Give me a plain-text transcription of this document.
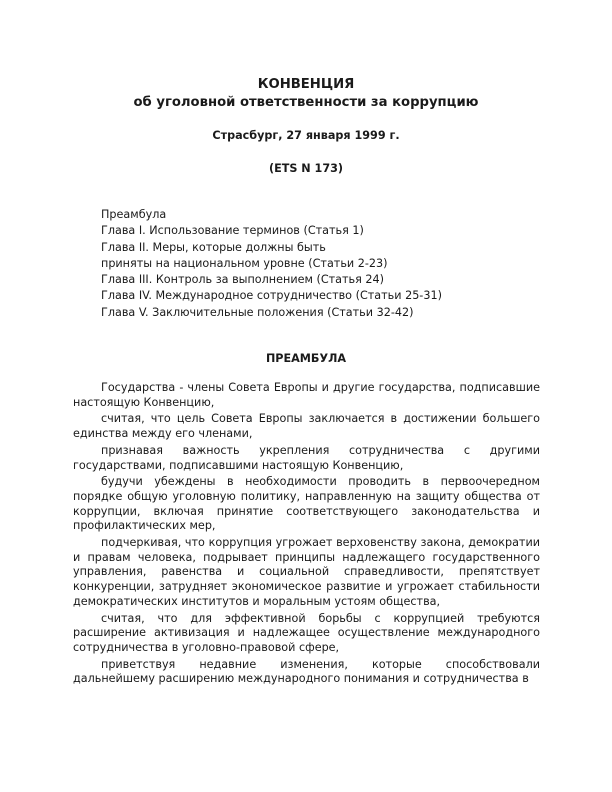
КОНВЕНЦИЯ
об уголовной ответственности за коррупцию
Страсбург, 27 января 1999 г.
(ETS N 173)
Преамбула
Глава I. Использование терминов (Статья 1)
Глава II. Меры, которые должны быть
приняты на национальном уровне (Статьи 2-23)
Глава III. Контроль за выполнением (Статья 24)
Глава IV. Международное сотрудничество (Статьи 25-31)
Глава V. Заключительные положения (Статьи 32-42)
ПРЕАМБУЛА

Государства - члены Совета Европы и другие государства, подписавшие настоящую Конвенцию,

считая, что цель Совета Европы заключается в достижении большего единства между его членами,

признавая важность укрепления сотрудничества с другими государствами, подписавшими настоящую Конвенцию,

будучи убеждены в необходимости проводить в первоочередном порядке общую уголовную политику, направленную на защиту общества от коррупции, включая принятие соответствующего законодательства и профилактических мер,

подчеркивая, что коррупция угрожает верховенству закона, демократии и правам человека, подрывает принципы надлежащего государственного управления, равенства и социальной справедливости, препятствует конкуренции, затрудняет экономическое развитие и угрожает стабильности демократических институтов и моральным устоям общества,

считая, что для эффективной борьбы с коррупцией требуются расширение активизация и надлежащее осуществление международного сотрудничества в уголовно-правовой сфере,

приветствуя недавние изменения, которые способствовали дальнейшему расширению международного понимания и сотрудничества в
